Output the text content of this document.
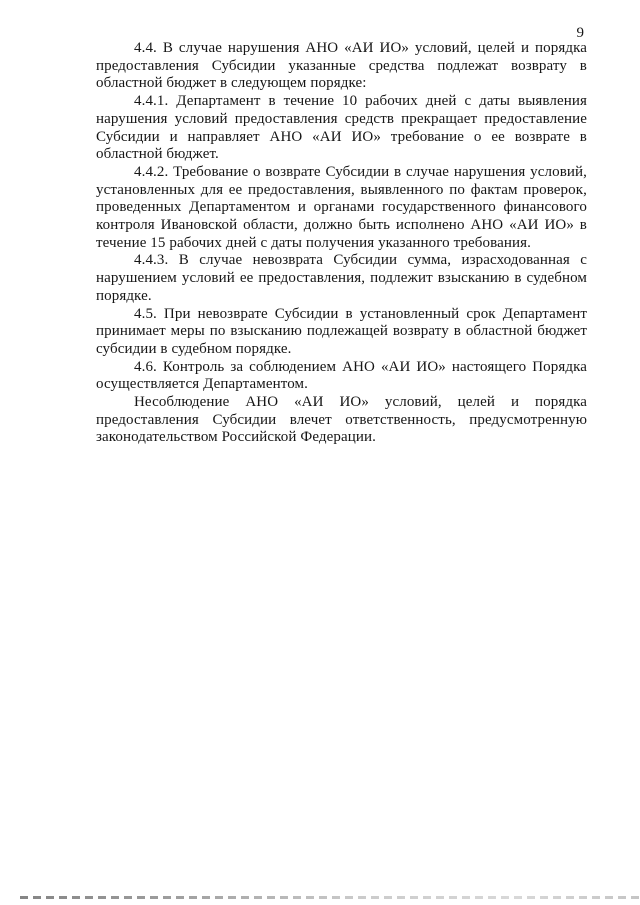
9

4.4. В случае нарушения АНО «АИ ИО» условий, целей и порядка предоставления Субсидии указанные средства подлежат возврату в областной бюджет в следующем порядке:

4.4.1. Департамент в течение 10 рабочих дней с даты выявления нарушения условий предоставления средств прекращает предоставление Субсидии и направляет АНО «АИ ИО» требование о ее возврате в областной бюджет.

4.4.2. Требование о возврате Субсидии в случае нарушения условий, установленных для ее предоставления, выявленного по фактам проверок, проведенных Департаментом и органами государственного финансового контроля Ивановской области, должно быть исполнено АНО «АИ ИО» в течение 15 рабочих дней с даты получения указанного требования.

4.4.3. В случае невозврата Субсидии сумма, израсходованная с нарушением условий ее предоставления, подлежит взысканию в судебном порядке.

4.5. При невозврате Субсидии в установленный срок Департамент принимает меры по взысканию подлежащей возврату в областной бюджет субсидии в судебном порядке.

4.6. Контроль за соблюдением АНО «АИ ИО» настоящего Порядка осуществляется Департаментом.

Несоблюдение АНО «АИ ИО» условий, целей и порядка предоставления Субсидии влечет ответственность, предусмотренную законодательством Российской Федерации.
